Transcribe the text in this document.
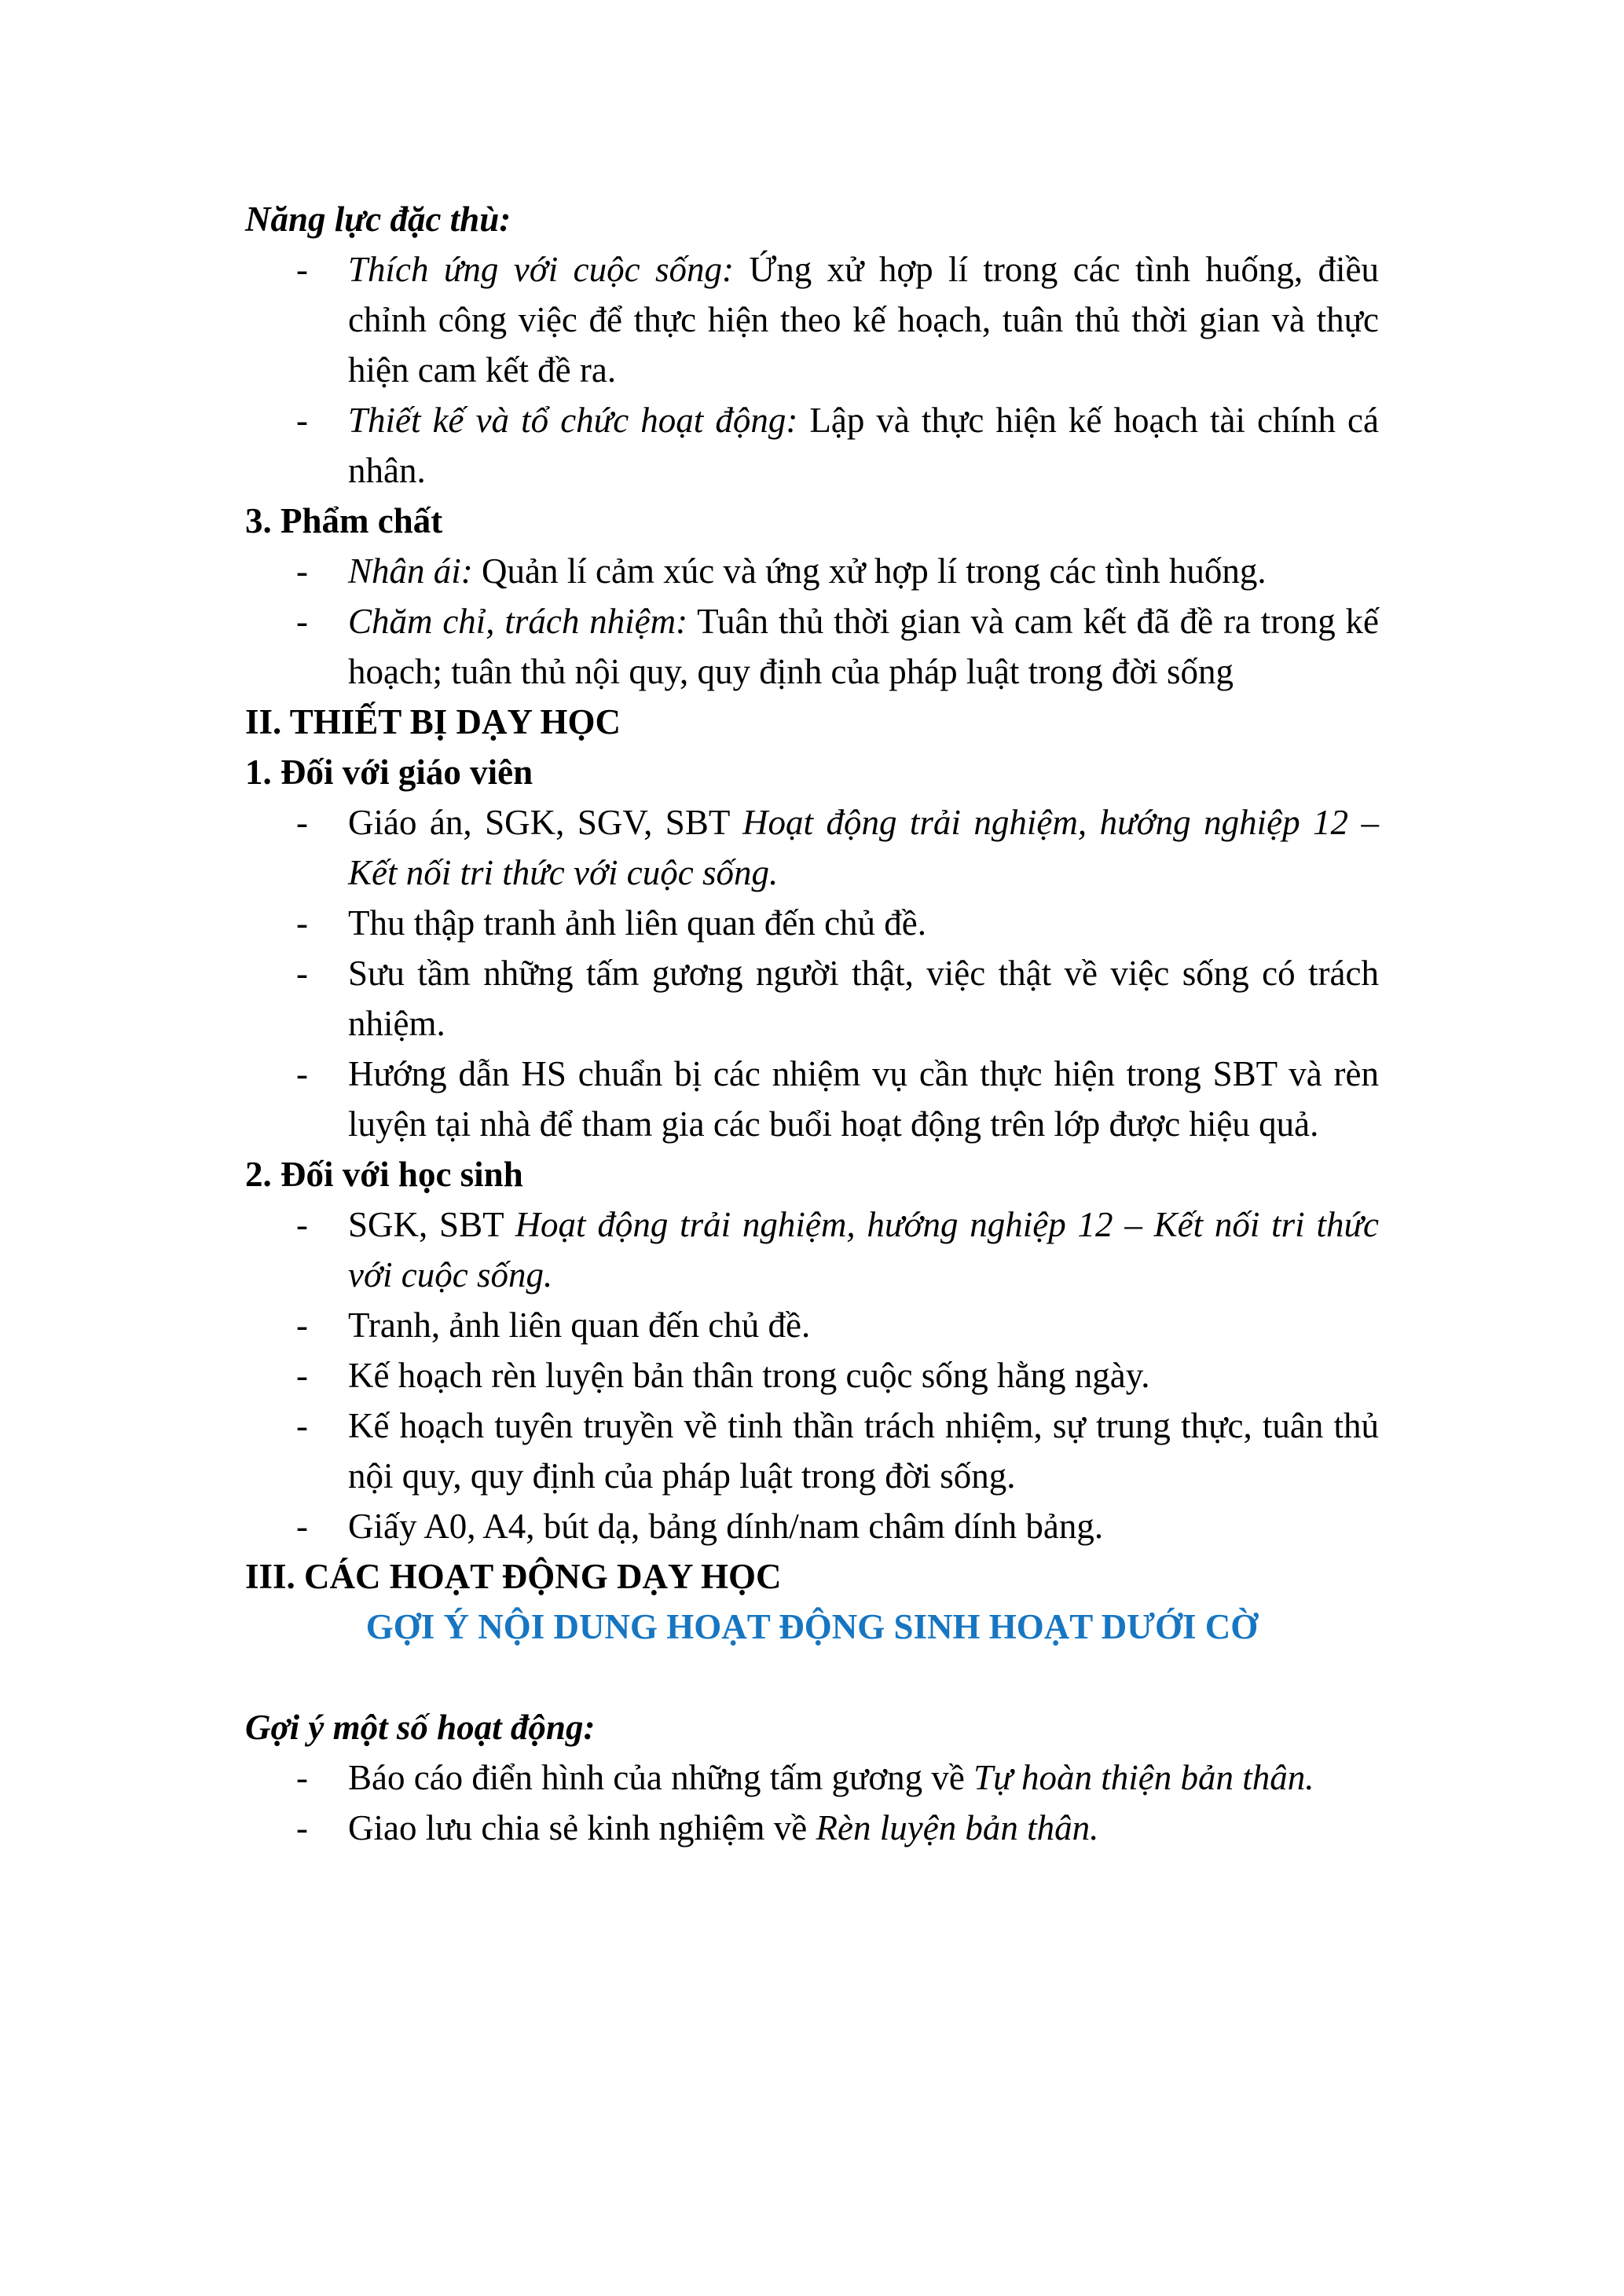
Năng lực đặc thù:
- Thích ứng với cuộc sống: Ứng xử hợp lí trong các tình huống, điều chỉnh công việc để thực hiện theo kế hoạch, tuân thủ thời gian và thực hiện cam kết đề ra.
- Thiết kế và tổ chức hoạt động: Lập và thực hiện kế hoạch tài chính cá nhân.
3. Phẩm chất
- Nhân ái: Quản lí cảm xúc và ứng xử hợp lí trong các tình huống.
- Chăm chỉ, trách nhiệm: Tuân thủ thời gian và cam kết đã đề ra trong kế hoạch; tuân thủ nội quy, quy định của pháp luật trong đời sống
II. THIẾT BỊ DẠY HỌC
1. Đối với giáo viên
- Giáo án, SGK, SGV, SBT Hoạt động trải nghiệm, hướng nghiệp 12 – Kết nối tri thức với cuộc sống.
- Thu thập tranh ảnh liên quan đến chủ đề.
- Sưu tầm những tấm gương người thật, việc thật về việc sống có trách nhiệm.
- Hướng dẫn HS chuẩn bị các nhiệm vụ cần thực hiện trong SBT và rèn luyện tại nhà để tham gia các buổi hoạt động trên lớp được hiệu quả.
2. Đối với học sinh
- SGK, SBT Hoạt động trải nghiệm, hướng nghiệp 12 – Kết nối tri thức với cuộc sống.
- Tranh, ảnh liên quan đến chủ đề.
- Kế hoạch rèn luyện bản thân trong cuộc sống hằng ngày.
- Kế hoạch tuyên truyền về tinh thần trách nhiệm, sự trung thực, tuân thủ nội quy, quy định của pháp luật trong đời sống.
- Giấy A0, A4, bút dạ, bảng dính/nam châm dính bảng.
III. CÁC HOẠT ĐỘNG DẠY HỌC
GỢI Ý NỘI DUNG HOẠT ĐỘNG SINH HOẠT DƯỚI CỜ
Gợi ý một số hoạt động:
- Báo cáo điển hình của những tấm gương về Tự hoàn thiện bản thân.
- Giao lưu chia sẻ kinh nghiệm về Rèn luyện bản thân.
